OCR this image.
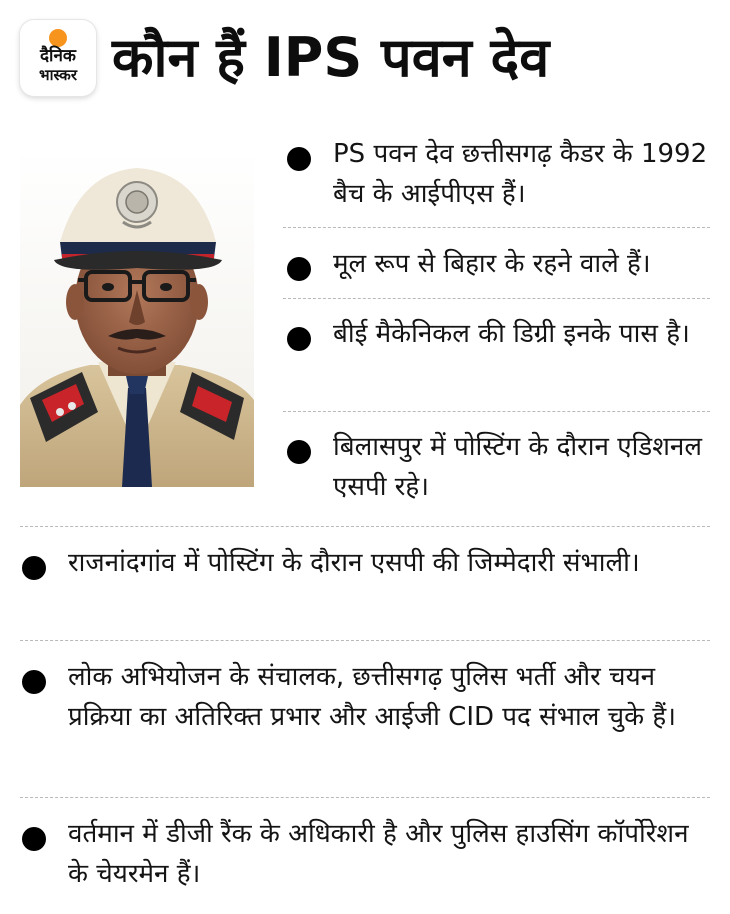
दैनिक
भास्कर कौन हैं IPS पवन देव
PS पवन देव छत्तीसगढ़ कैडर के 1992 बैच के आईपीएस हैं।
मूल रूप से बिहार के रहने वाले हैं।
बीई मैकेनिकल की डिग्री इनके पास है।
बिलासपुर में पोस्टिंग के दौरान एडिशनल एसपी रहे।
राजनांदगांव में पोस्टिंग के दौरान एसपी की जिम्मेदारी संभाली।
लोक अभियोजन के संचालक, छत्तीसगढ़ पुलिस भर्ती और चयन प्रक्रिया का अतिरिक्त प्रभार और आईजी CID पद संभाल चुके हैं।
वर्तमान में डीजी रैंक के अधिकारी है और पुलिस हाउसिंग कॉर्पोरेशन के चेयरमेन हैं।
